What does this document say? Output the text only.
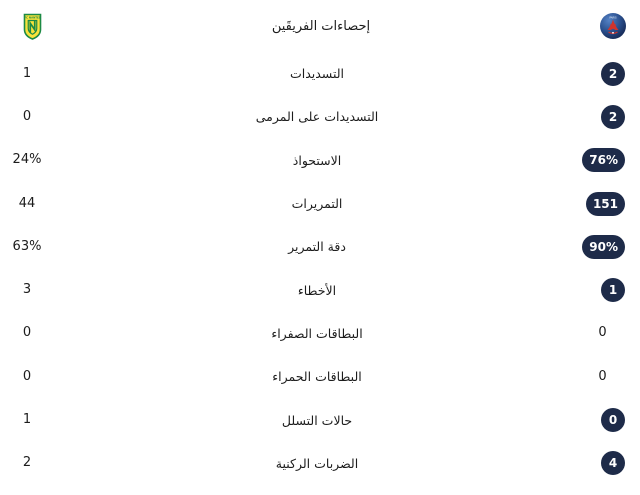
FC NANTES
إحصاءات الفريقَين
PARIS
1	التسديدات	2
0	التسديدات على المرمى	2
24%	الاستحواذ	76%
44	التمريرات	151
63%	دقة التمرير	90%
3	الأخطاء	1
0	البطاقات الصفراء	0
0	البطاقات الحمراء	0
1	حالات التسلل	0
2	الضربات الركنية	4
